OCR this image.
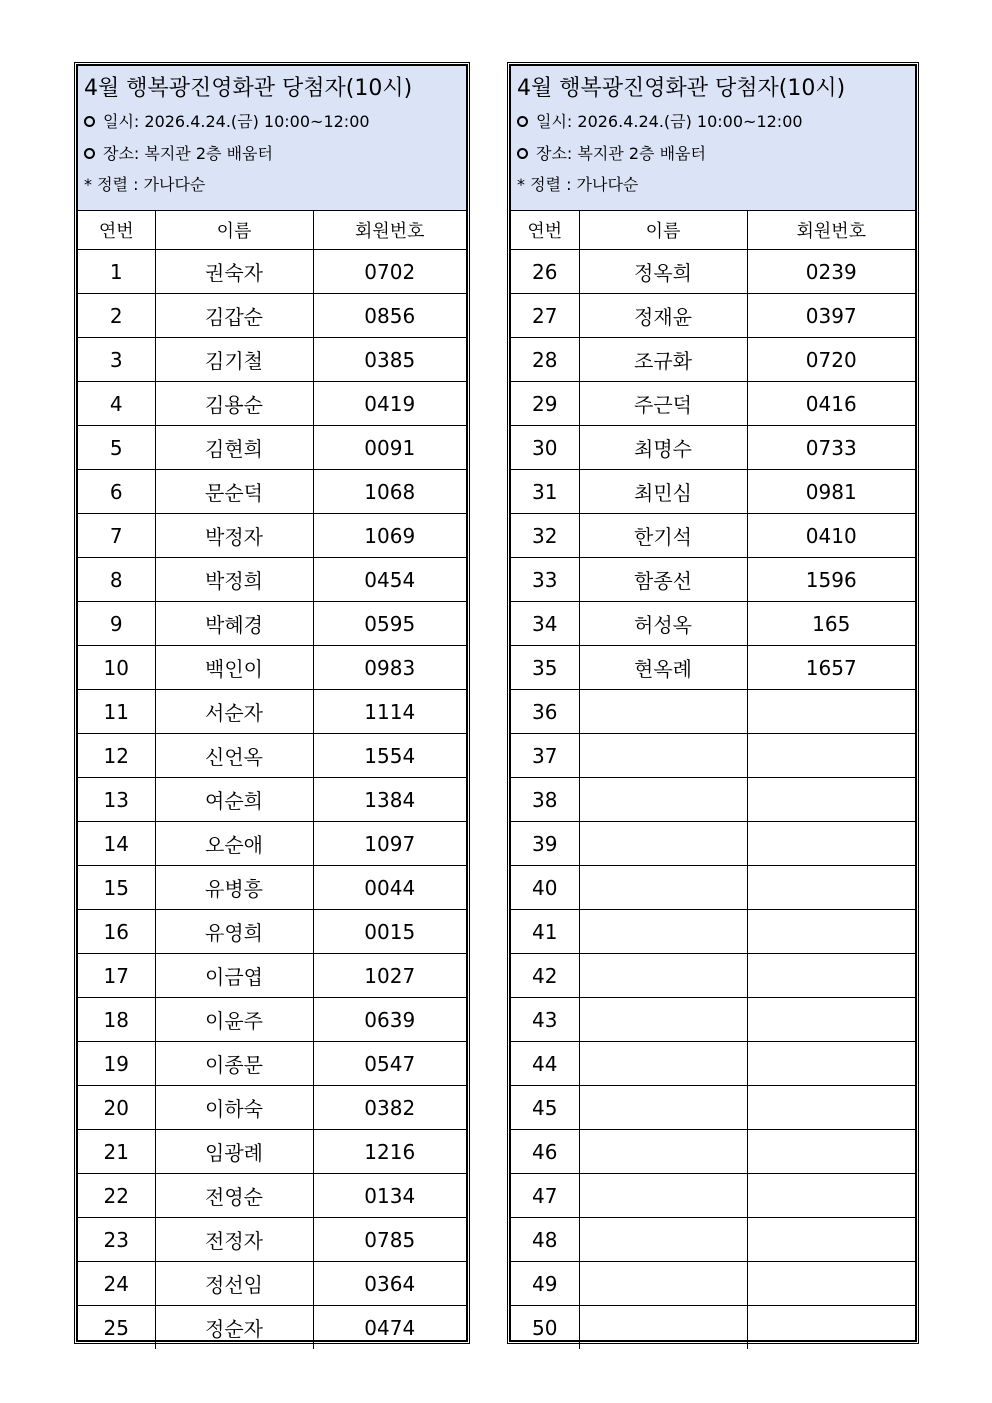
4월 행복광진영화관 당첨자(10시)
일시: 2026.4.24.(금) 10:00~12:00
장소: 복지관 2층 배움터
* 정렬 : 가나다순
연번	이름	회원번호
1	권숙자	0702
2	김갑순	0856
3	김기철	0385
4	김용순	0419
5	김현희	0091
6	문순덕	1068
7	박정자	1069
8	박정희	0454
9	박혜경	0595
10	백인이	0983
11	서순자	1114
12	신언옥	1554
13	여순희	1384
14	오순애	1097
15	유병흥	0044
16	유영희	0015
17	이금엽	1027
18	이윤주	0639
19	이종문	0547
20	이하숙	0382
21	임광례	1216
22	전영순	0134
23	전정자	0785
24	정선임	0364
25	정순자	0474
4월 행복광진영화관 당첨자(10시)
일시: 2026.4.24.(금) 10:00~12:00
장소: 복지관 2층 배움터
* 정렬 : 가나다순
연번	이름	회원번호
26	정옥희	0239
27	정재윤	0397
28	조규화	0720
29	주근덕	0416
30	최명수	0733
31	최민심	0981
32	한기석	0410
33	함종선	1596
34	허성옥	165
35	현옥례	1657
36		
37		
38		
39		
40		
41		
42		
43		
44		
45		
46		
47		
48		
49		
50		
